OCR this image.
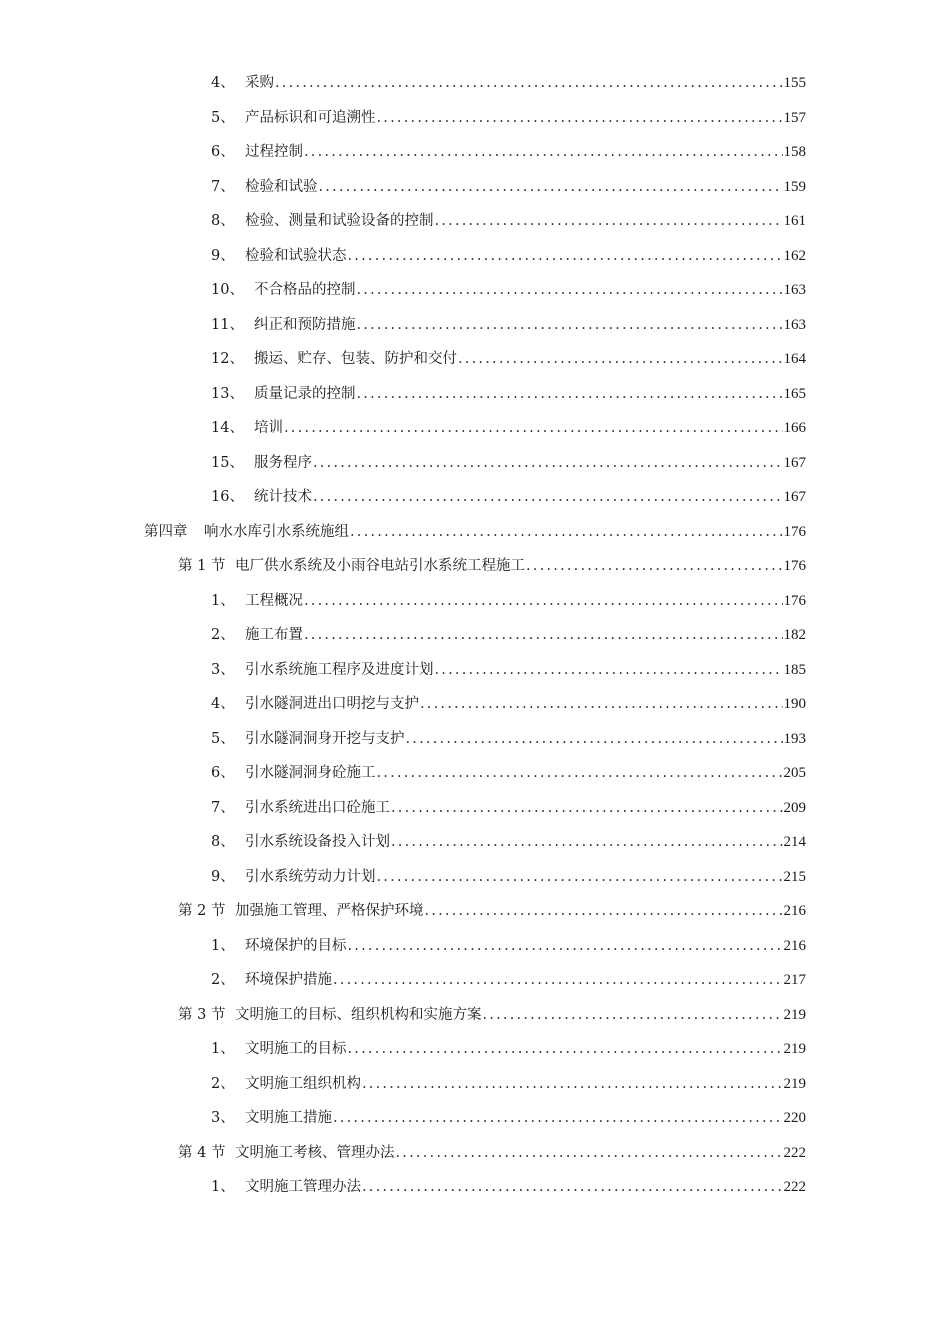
4、 采购 .....	155
5、 产品标识和可追溯性 .....	157
6、 过程控制 .....	158
7、 检验和试验 .....	159
8、 检验、测量和试验设备的控制 .....	161
9、 检验和试验状态 .....	162
10、 不合格品的控制 .....	163
11、 纠正和预防措施 .....	163
12、 搬运、贮存、包装、防护和交付 .....	164
13、 质量记录的控制 .....	165
14、 培训 .....	166
15、 服务程序 .....	167
16、 统计技术 .....	167
第四章	响水水库引水系统施组 .....	176
第 1 节 电厂供水系统及小雨谷电站引水系统工程施工 .....	176
1、 工程概况 .....	176
2、 施工布置 .....	182
3、 引水系统施工程序及进度计划 .....	185
4、 引水隧洞进出口明挖与支护 .....	190
5、 引水隧洞洞身开挖与支护 .....	193
6、 引水隧洞洞身砼施工 .....	205
7、 引水系统进出口砼施工 .....	209
8、 引水系统设备投入计划 .....	214
9、 引水系统劳动力计划 .....	215
第 2 节 加强施工管理、严格保护环境 .....	216
1、 环境保护的目标 .....	216
2、 环境保护措施 .....	217
第 3 节 文明施工的目标、组织机构和实施方案 .....	219
1、 文明施工的目标 .....	219
2、 文明施工组织机构 .....	219
3、 文明施工措施 .....	220
第 4 节 文明施工考核、管理办法 .....	222
1、 文明施工管理办法 .....	222
